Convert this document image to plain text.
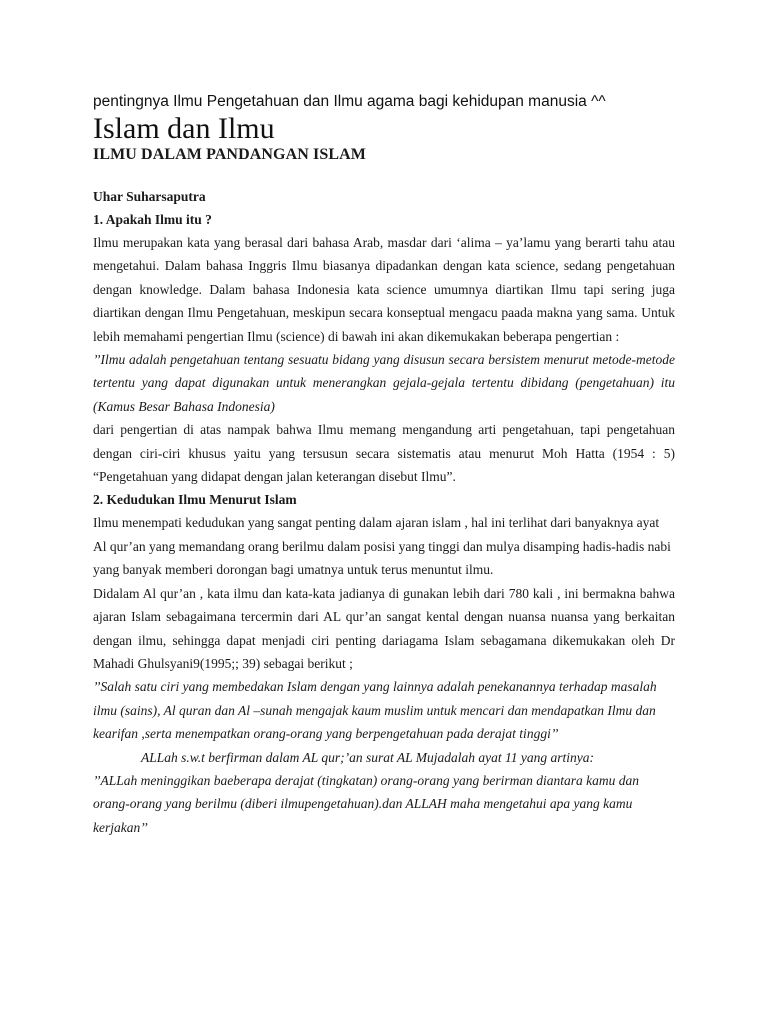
pentingnya Ilmu Pengetahuan dan Ilmu agama bagi kehidupan manusia ^^

Islam dan Ilmu
ILMU DALAM PANDANGAN ISLAM
Uhar Suharsaputra
1. Apakah Ilmu itu ?

Ilmu merupakan kata yang berasal dari bahasa Arab, masdar dari ‘alima – ya’lamu yang berarti tahu atau mengetahui. Dalam bahasa Inggris Ilmu biasanya dipadankan dengan kata science, sedang pengetahuan dengan knowledge. Dalam bahasa Indonesia kata science umumnya diartikan Ilmu tapi sering juga diartikan dengan Ilmu Pengetahuan, meskipun secara konseptual mengacu paada makna yang sama. Untuk lebih memahami pengertian Ilmu (science) di bawah ini akan dikemukakan beberapa pengertian :

’’Ilmu adalah pengetahuan tentang sesuatu bidang yang disusun secara bersistem menurut metode-metode tertentu yang dapat digunakan untuk menerangkan gejala-gejala tertentu dibidang (pengetahuan) itu (Kamus Besar Bahasa Indonesia)

dari pengertian di atas nampak bahwa Ilmu memang mengandung arti pengetahuan, tapi pengetahuan dengan ciri-ciri khusus yaitu yang tersusun secara sistematis atau menurut Moh Hatta (1954 : 5) “Pengetahuan yang didapat dengan jalan keterangan disebut Ilmu”.

2. Kedudukan Ilmu Menurut Islam

Ilmu menempati kedudukan yang sangat penting dalam ajaran islam , hal ini terlihat dari banyaknya ayat Al qur’an yang memandang orang berilmu dalam posisi yang tinggi dan mulya disamping hadis-hadis nabi yang banyak memberi dorongan bagi umatnya untuk terus menuntut ilmu.

Didalam Al qur’an , kata ilmu dan kata-kata jadianya di gunakan lebih dari 780 kali , ini bermakna bahwa ajaran Islam sebagaimana tercermin dari AL qur’an sangat kental dengan nuansa nuansa yang berkaitan dengan ilmu, sehingga dapat menjadi ciri penting dariagama Islam sebagamana dikemukakan oleh Dr Mahadi Ghulsyani9(1995;; 39) sebagai berikut ;

’’Salah satu ciri yang membedakan Islam dengan yang lainnya adalah penekanannya terhadap masalah ilmu (sains), Al quran dan Al –sunah mengajak kaum muslim untuk mencari dan mendapatkan Ilmu dan kearifan ,serta menempatkan orang-orang yang berpengetahuan pada derajat tinggi’’

ALLah s.w.t berfirman dalam AL qur;’an surat AL Mujadalah ayat 11 yang artinya:

’’ALLah meninggikan baeberapa derajat (tingkatan) orang-orang yang berirman diantara kamu dan orang-orang yang berilmu (diberi ilmupengetahuan).dan ALLAH maha mengetahui apa yang kamu kerjakan’’
